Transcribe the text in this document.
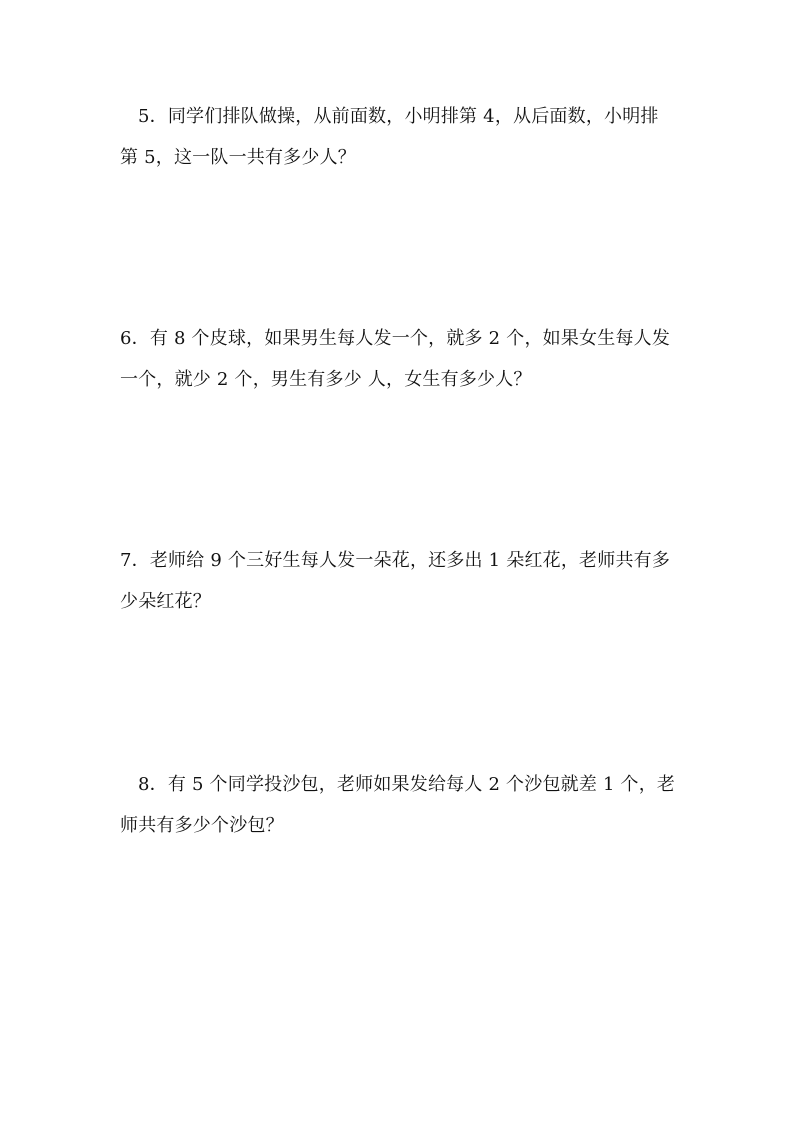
5．同学们排队做操，从前面数，小明排第 4，从后面数，小明排
第 5，这一队一共有多少人？
6．有 8 个皮球，如果男生每人发一个，就多 2 个，如果女生每人发
一个，就少 2 个，男生有多少 人，女生有多少人？
7．老师给 9 个三好生每人发一朵花，还多出 1 朵红花，老师共有多
少朵红花？
8．有 5 个同学投沙包，老师如果发给每人 2 个沙包就差 1 个，老
师共有多少个沙包？
